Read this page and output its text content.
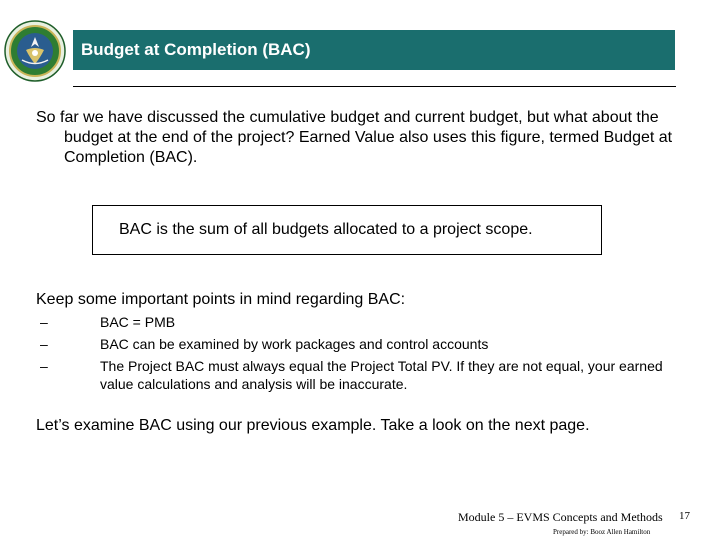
Budget at Completion (BAC)

So far we have discussed the cumulative budget and current budget, but what about the budget at the end of the project? Earned Value also uses this figure, termed Budget at Completion (BAC).

BAC is the sum of all budgets allocated to a project scope.
Keep some important points in mind regarding BAC:
–	BAC = PMB
–	BAC can be examined by work packages and control accounts
–	The Project BAC must always equal the Project Total PV. If they are not equal, your earned value calculations and analysis will be inaccurate.
Let’s examine BAC using our previous example. Take a look on the next page.
Module 5 – EVMS Concepts and Methods 17
Prepared by: Booz Allen Hamilton
